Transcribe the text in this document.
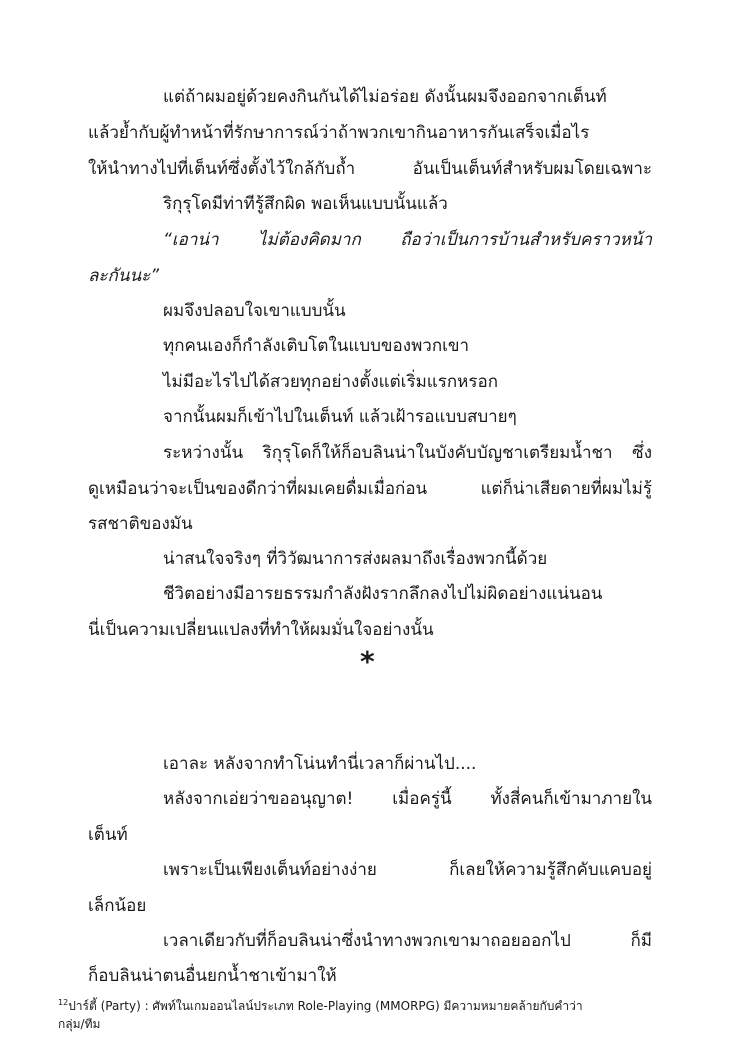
แต่ถ้าผมอยู่ด้วยคงกินกันได้ไม่อร่อย ดังนั้นผมจึงออกจากเต็นท์
แล้วย้ำกับผู้ทำหน้าที่รักษาการณ์ว่าถ้าพวกเขากินอาหารกันเสร็จเมื่อไร
ให้นำทางไปที่เต็นท์ซึ่งตั้งไว้ใกล้กับถ้ำ อันเป็นเต็นท์สำหรับผมโดยเฉพาะ
ริกุรุโดมีท่าทีรู้สึกผิด พอเห็นแบบนั้นแล้ว
“เอาน่า ไม่ต้องคิดมาก ถือว่าเป็นการบ้านสำหรับคราวหน้า
ละกันนะ”
ผมจึงปลอบใจเขาแบบนั้น
ทุกคนเองก็กำลังเติบโตในแบบของพวกเขา
ไม่มีอะไรไปได้สวยทุกอย่างตั้งแต่เริ่มแรกหรอก
จากนั้นผมก็เข้าไปในเต็นท์ แล้วเฝ้ารอแบบสบายๆ
ระหว่างนั้น ริกุรุโดก็ให้ก็อบลินน่าในบังคับบัญชาเตรียมน้ำชา ซึ่ง
ดูเหมือนว่าจะเป็นของดีกว่าที่ผมเคยดื่มเมื่อก่อน แต่ก็น่าเสียดายที่ผมไม่รู้
รสชาติของมัน
น่าสนใจจริงๆ ที่วิวัฒนาการส่งผลมาถึงเรื่องพวกนี้ด้วย
ชีวิตอย่างมีอารยธรรมกำลังฝังรากลึกลงไปไม่ผิดอย่างแน่นอน
นี่เป็นความเปลี่ยนแปลงที่ทำให้ผมมั่นใจอย่างนั้น
*
เอาละ หลังจากทำโน่นทำนี่เวลาก็ผ่านไป....
หลังจากเอ่ยว่าขออนุญาต! เมื่อครู่นี้ ทั้งสี่คนก็เข้ามาภายใน
เต็นท์
เพราะเป็นเพียงเต็นท์อย่างง่าย ก็เลยให้ความรู้สึกคับแคบอยู่
เล็กน้อย
เวลาเดียวกับที่ก็อบลินน่าซึ่งนำทางพวกเขามาถอยออกไป ก็มี
ก็อบลินน่าตนอื่นยกน้ำชาเข้ามาให้
$^{12}$ปาร์ตี้ (Party) : ศัพท์ในเกมออนไลน์ประเภท Role-Playing (MMORPG) มีความหมายคล้ายกับคำว่า
กลุ่ม/ทีม
